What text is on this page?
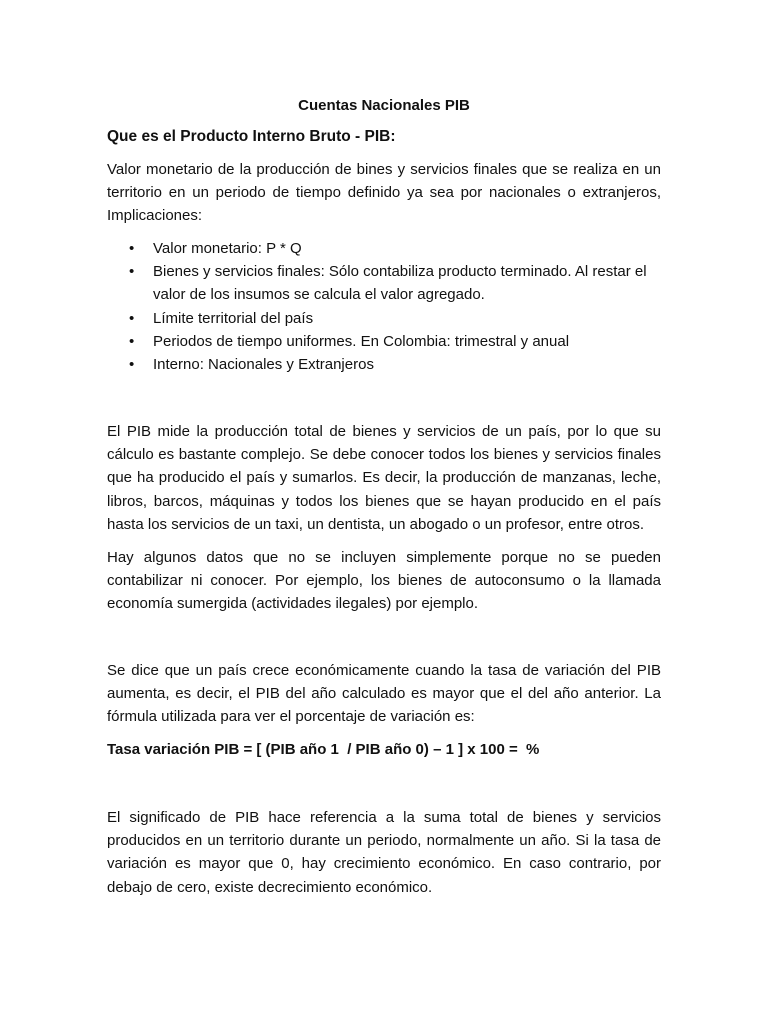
Cuentas Nacionales PIB

Que es el Producto Interno Bruto - PIB:

Valor monetario de la producción de bines y servicios finales que se realiza en un territorio en un periodo de tiempo definido ya sea por nacionales o extranjeros, Implicaciones:

• Valor monetario: P * Q
• Bienes y servicios finales: Sólo contabiliza producto terminado. Al restar el valor de los insumos se calcula el valor agregado.
• Límite territorial del país
• Periodos de tiempo uniformes. En Colombia: trimestral y anual
• Interno: Nacionales y Extranjeros

El PIB mide la producción total de bienes y servicios de un país, por lo que su cálculo es bastante complejo. Se debe conocer todos los bienes y servicios finales que ha producido el país y sumarlos. Es decir, la producción de manzanas, leche, libros, barcos, máquinas y todos los bienes que se hayan producido en el país hasta los servicios de un taxi, un dentista, un abogado o un profesor, entre otros.

Hay algunos datos que no se incluyen simplemente porque no se pueden contabilizar ni conocer. Por ejemplo, los bienes de autoconsumo o la llamada economía sumergida (actividades ilegales) por ejemplo.

Se dice que un país crece económicamente cuando la tasa de variación del PIB aumenta, es decir, el PIB del año calculado es mayor que el del año anterior. La fórmula utilizada para ver el porcentaje de variación es:

Tasa variación PIB = [ (PIB año 1  / PIB año 0) – 1 ] x 100 =  %

El significado de PIB hace referencia a la suma total de bienes y servicios producidos en un territorio durante un periodo, normalmente un año. Si la tasa de variación es mayor que 0, hay crecimiento económico. En caso contrario, por debajo de cero, existe decrecimiento económico.
